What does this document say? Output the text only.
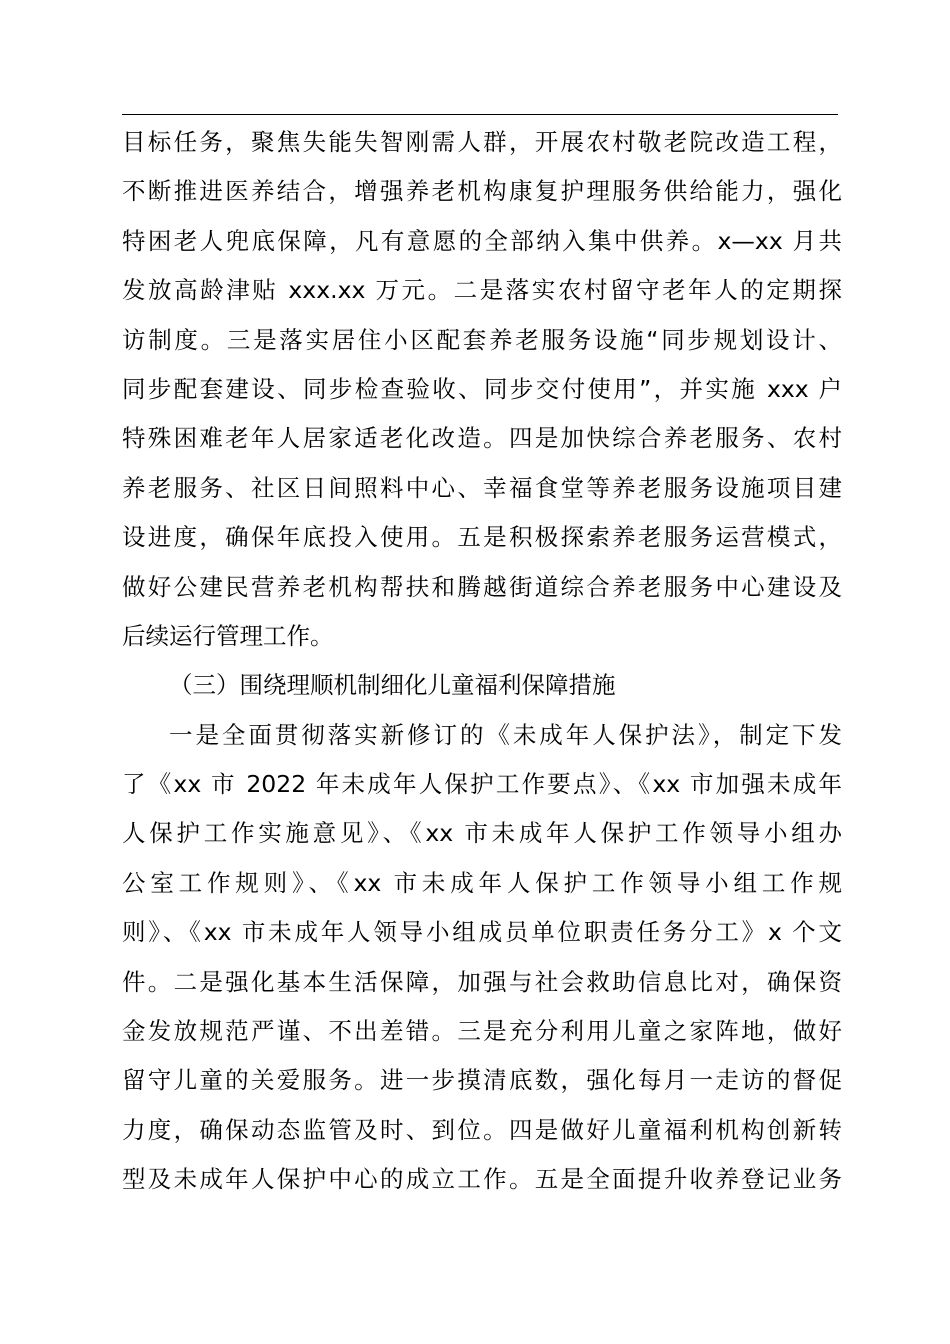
目标任务，聚焦失能失智刚需人群，开展农村敬老院改造工程，
不断推进医养结合，增强养老机构康复护理服务供给能力，强化
特困老人兜底保障，凡有意愿的全部纳入集中供养。x—xx 月共
发放高龄津贴 xxx.xx 万元。二是落实农村留守老年人的定期探
访制度。三是落实居住小区配套养老服务设施“同步规划设计、
同步配套建设、同步检查验收、同步交付使用”，并实施 xxx 户
特殊困难老年人居家适老化改造。四是加快综合养老服务、农村
养老服务、社区日间照料中心、幸福食堂等养老服务设施项目建
设进度，确保年底投入使用。五是积极探索养老服务运营模式，
做好公建民营养老机构帮扶和腾越街道综合养老服务中心建设及
后续运行管理工作。
（三）围绕理顺机制细化儿童福利保障措施
一是全面贯彻落实新修订的《未成年人保护法》，制定下发
了《xx 市 2022 年未成年人保护工作要点》、《xx 市加强未成年
人保护工作实施意见》、《xx 市未成年人保护工作领导小组办
公室工作规则》、《xx 市未成年人保护工作领导小组工作规
则》、《xx 市未成年人领导小组成员单位职责任务分工》x 个文
件。二是强化基本生活保障，加强与社会救助信息比对，确保资
金发放规范严谨、不出差错。三是充分利用儿童之家阵地，做好
留守儿童的关爱服务。进一步摸清底数，强化每月一走访的督促
力度，确保动态监管及时、到位。四是做好儿童福利机构创新转
型及未成年人保护中心的成立工作。五是全面提升收养登记业务
